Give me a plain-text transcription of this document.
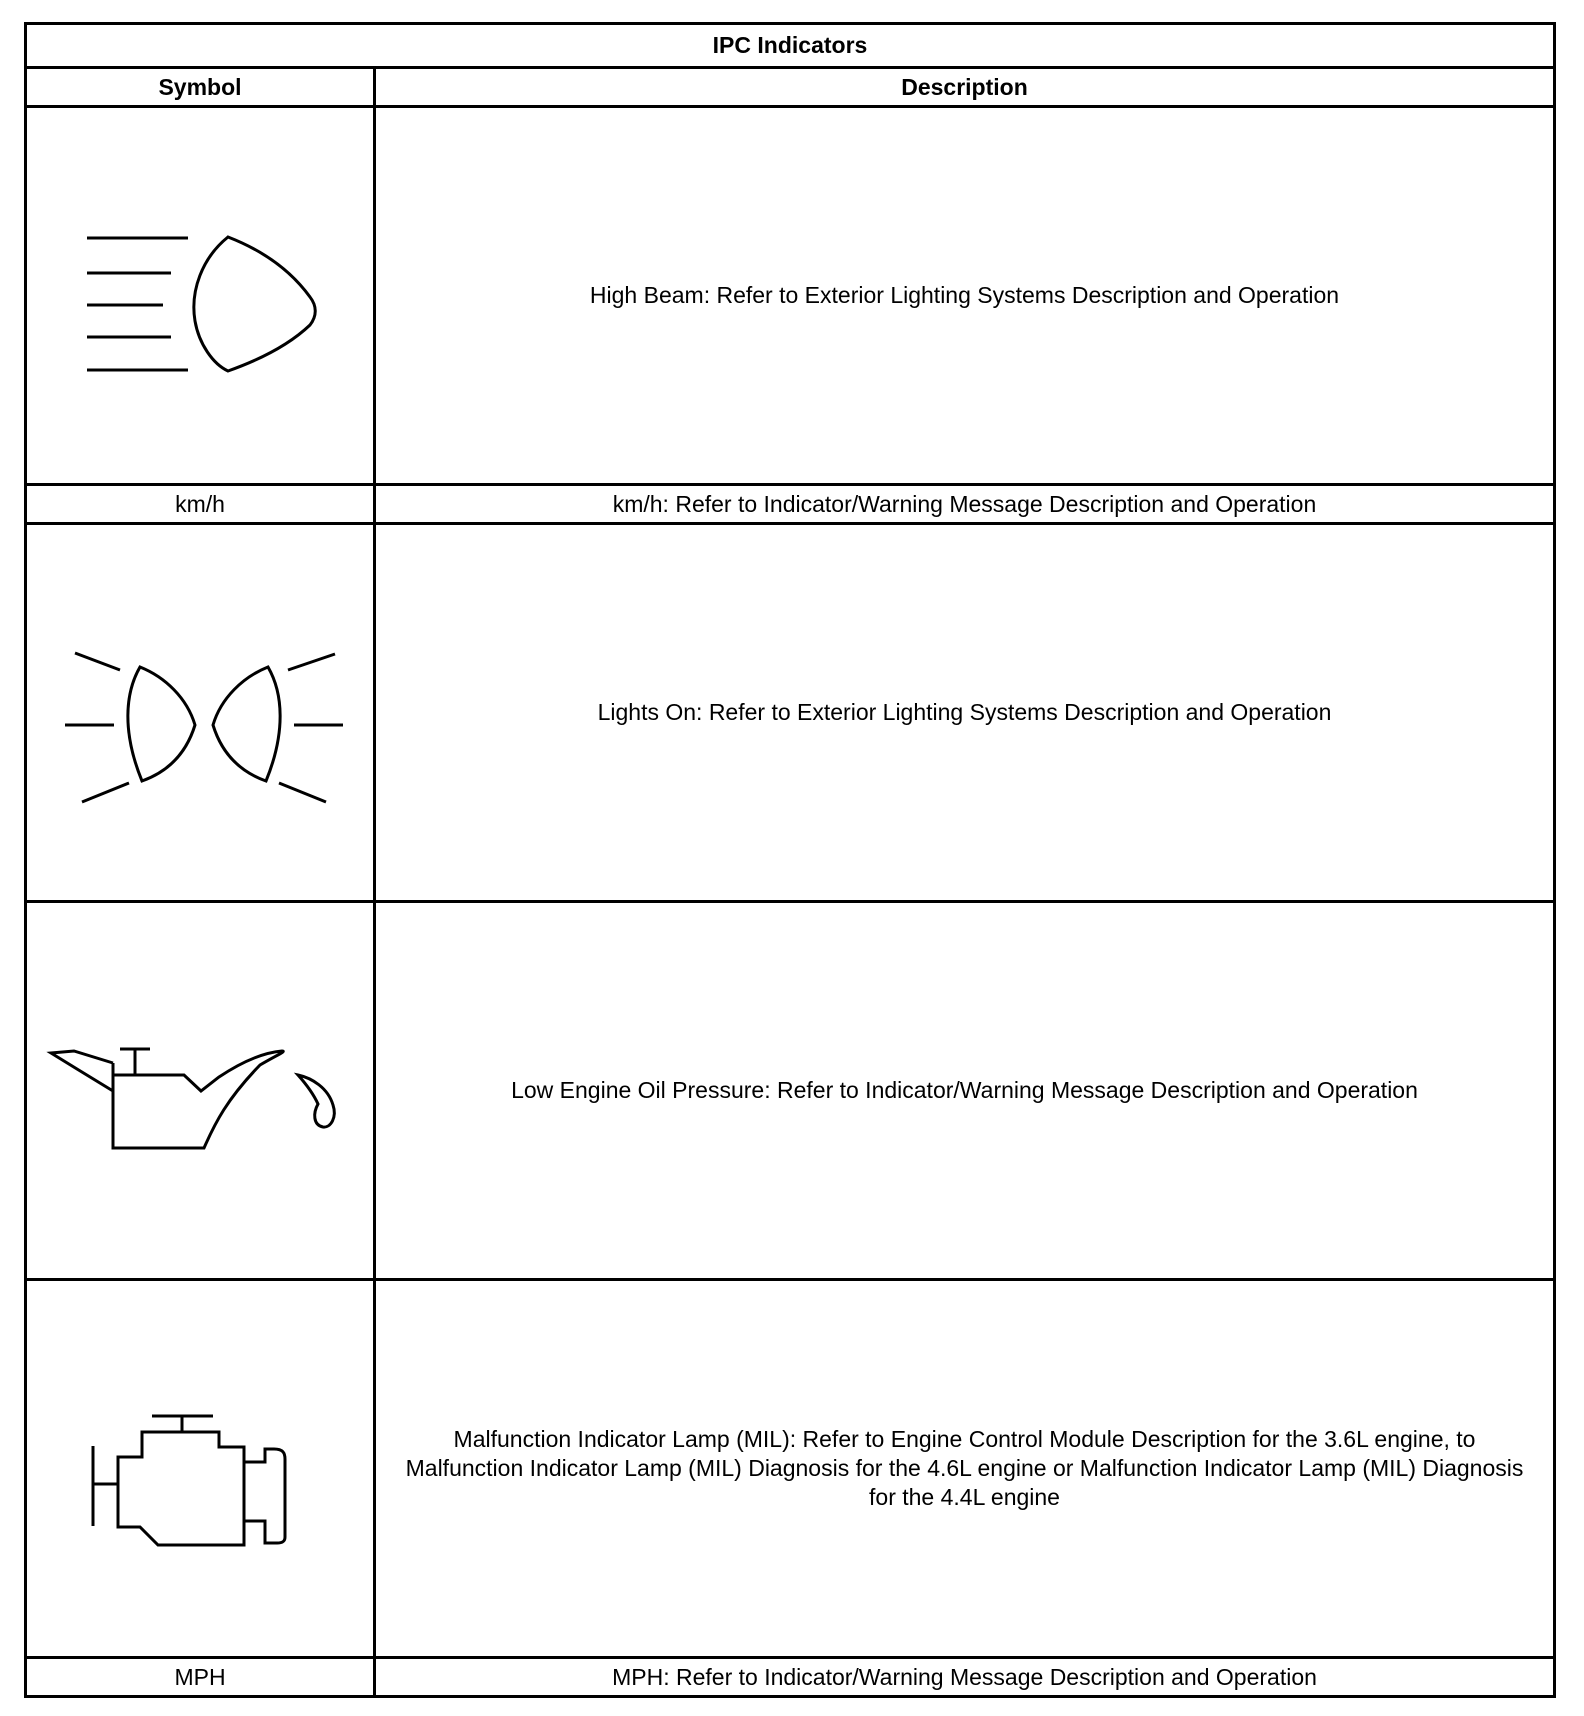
IPC Indicators	
Symbol	Description

	High Beam: Refer to Exterior Lighting Systems Description and Operation
km/h	km/h: Refer to Indicator/Warning Message Description and Operation

	Lights On: Refer to Exterior Lighting Systems Description and Operation

	Low Engine Oil Pressure: Refer to Indicator/Warning Message Description and Operation

	Malfunction Indicator Lamp (MIL): Refer to Engine Control Module Description for the 3.6L engine, to Malfunction Indicator Lamp (MIL) Diagnosis for the 4.6L engine or Malfunction Indicator Lamp (MIL) Diagnosis for the 4.4L engine
MPH	MPH: Refer to Indicator/Warning Message Description and Operation
